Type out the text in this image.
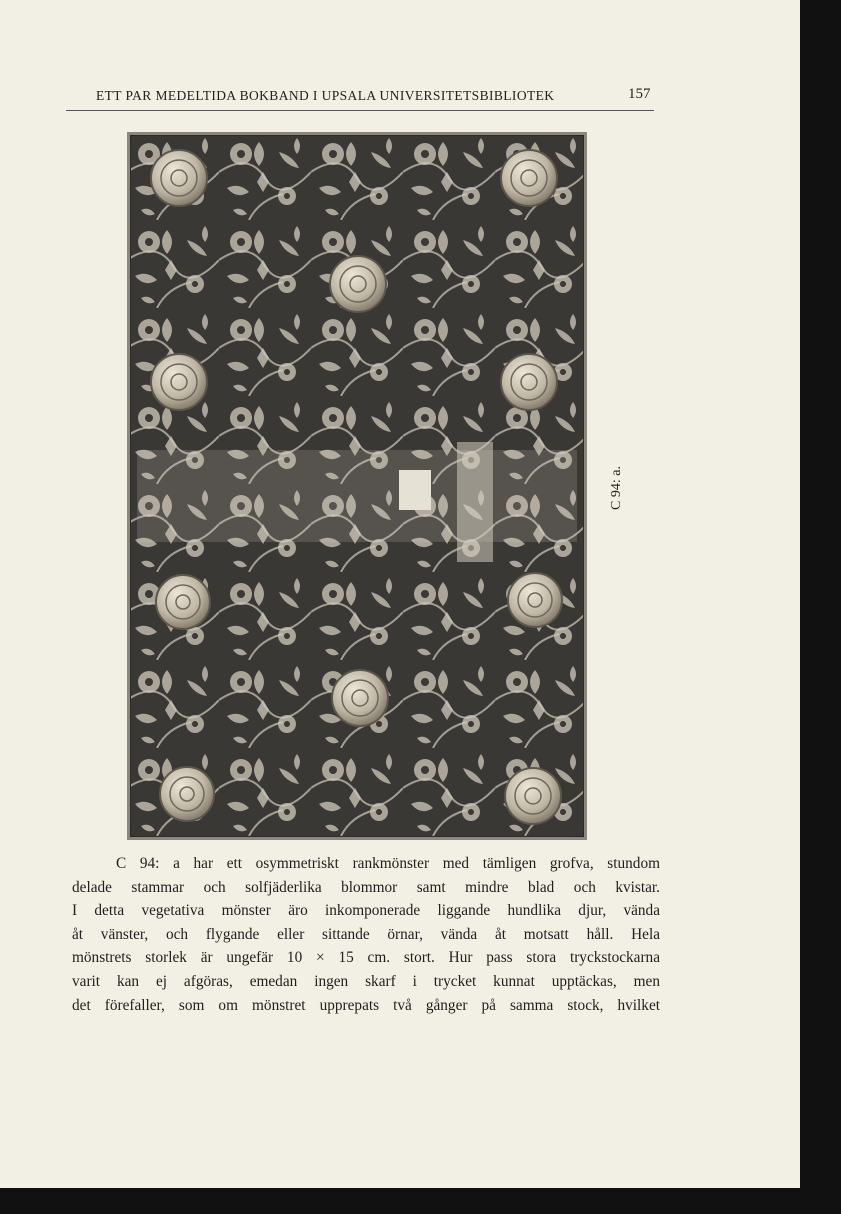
ETT PAR MEDELTIDA BOKBAND I UPSALA UNIVERSITETSBIBLIOTEK	157
C 94: a.
C 94: a har ett osymmetriskt rankmönster med tämligen grofva, stundom
delade stammar och solfjäderlika blommor samt mindre blad och kvistar.
I detta vegetativa mönster äro inkomponerade liggande hundlika djur, vända
åt vänster, och flygande eller sittande örnar, vända åt motsatt håll. Hela
mönstrets storlek är ungefär 10 × 15 cm. stort. Hur pass stora tryckstockarna
varit kan ej afgöras, emedan ingen skarf i trycket kunnat upptäckas, men
det förefaller, som om mönstret upprepats två gånger på samma stock, hvilket
